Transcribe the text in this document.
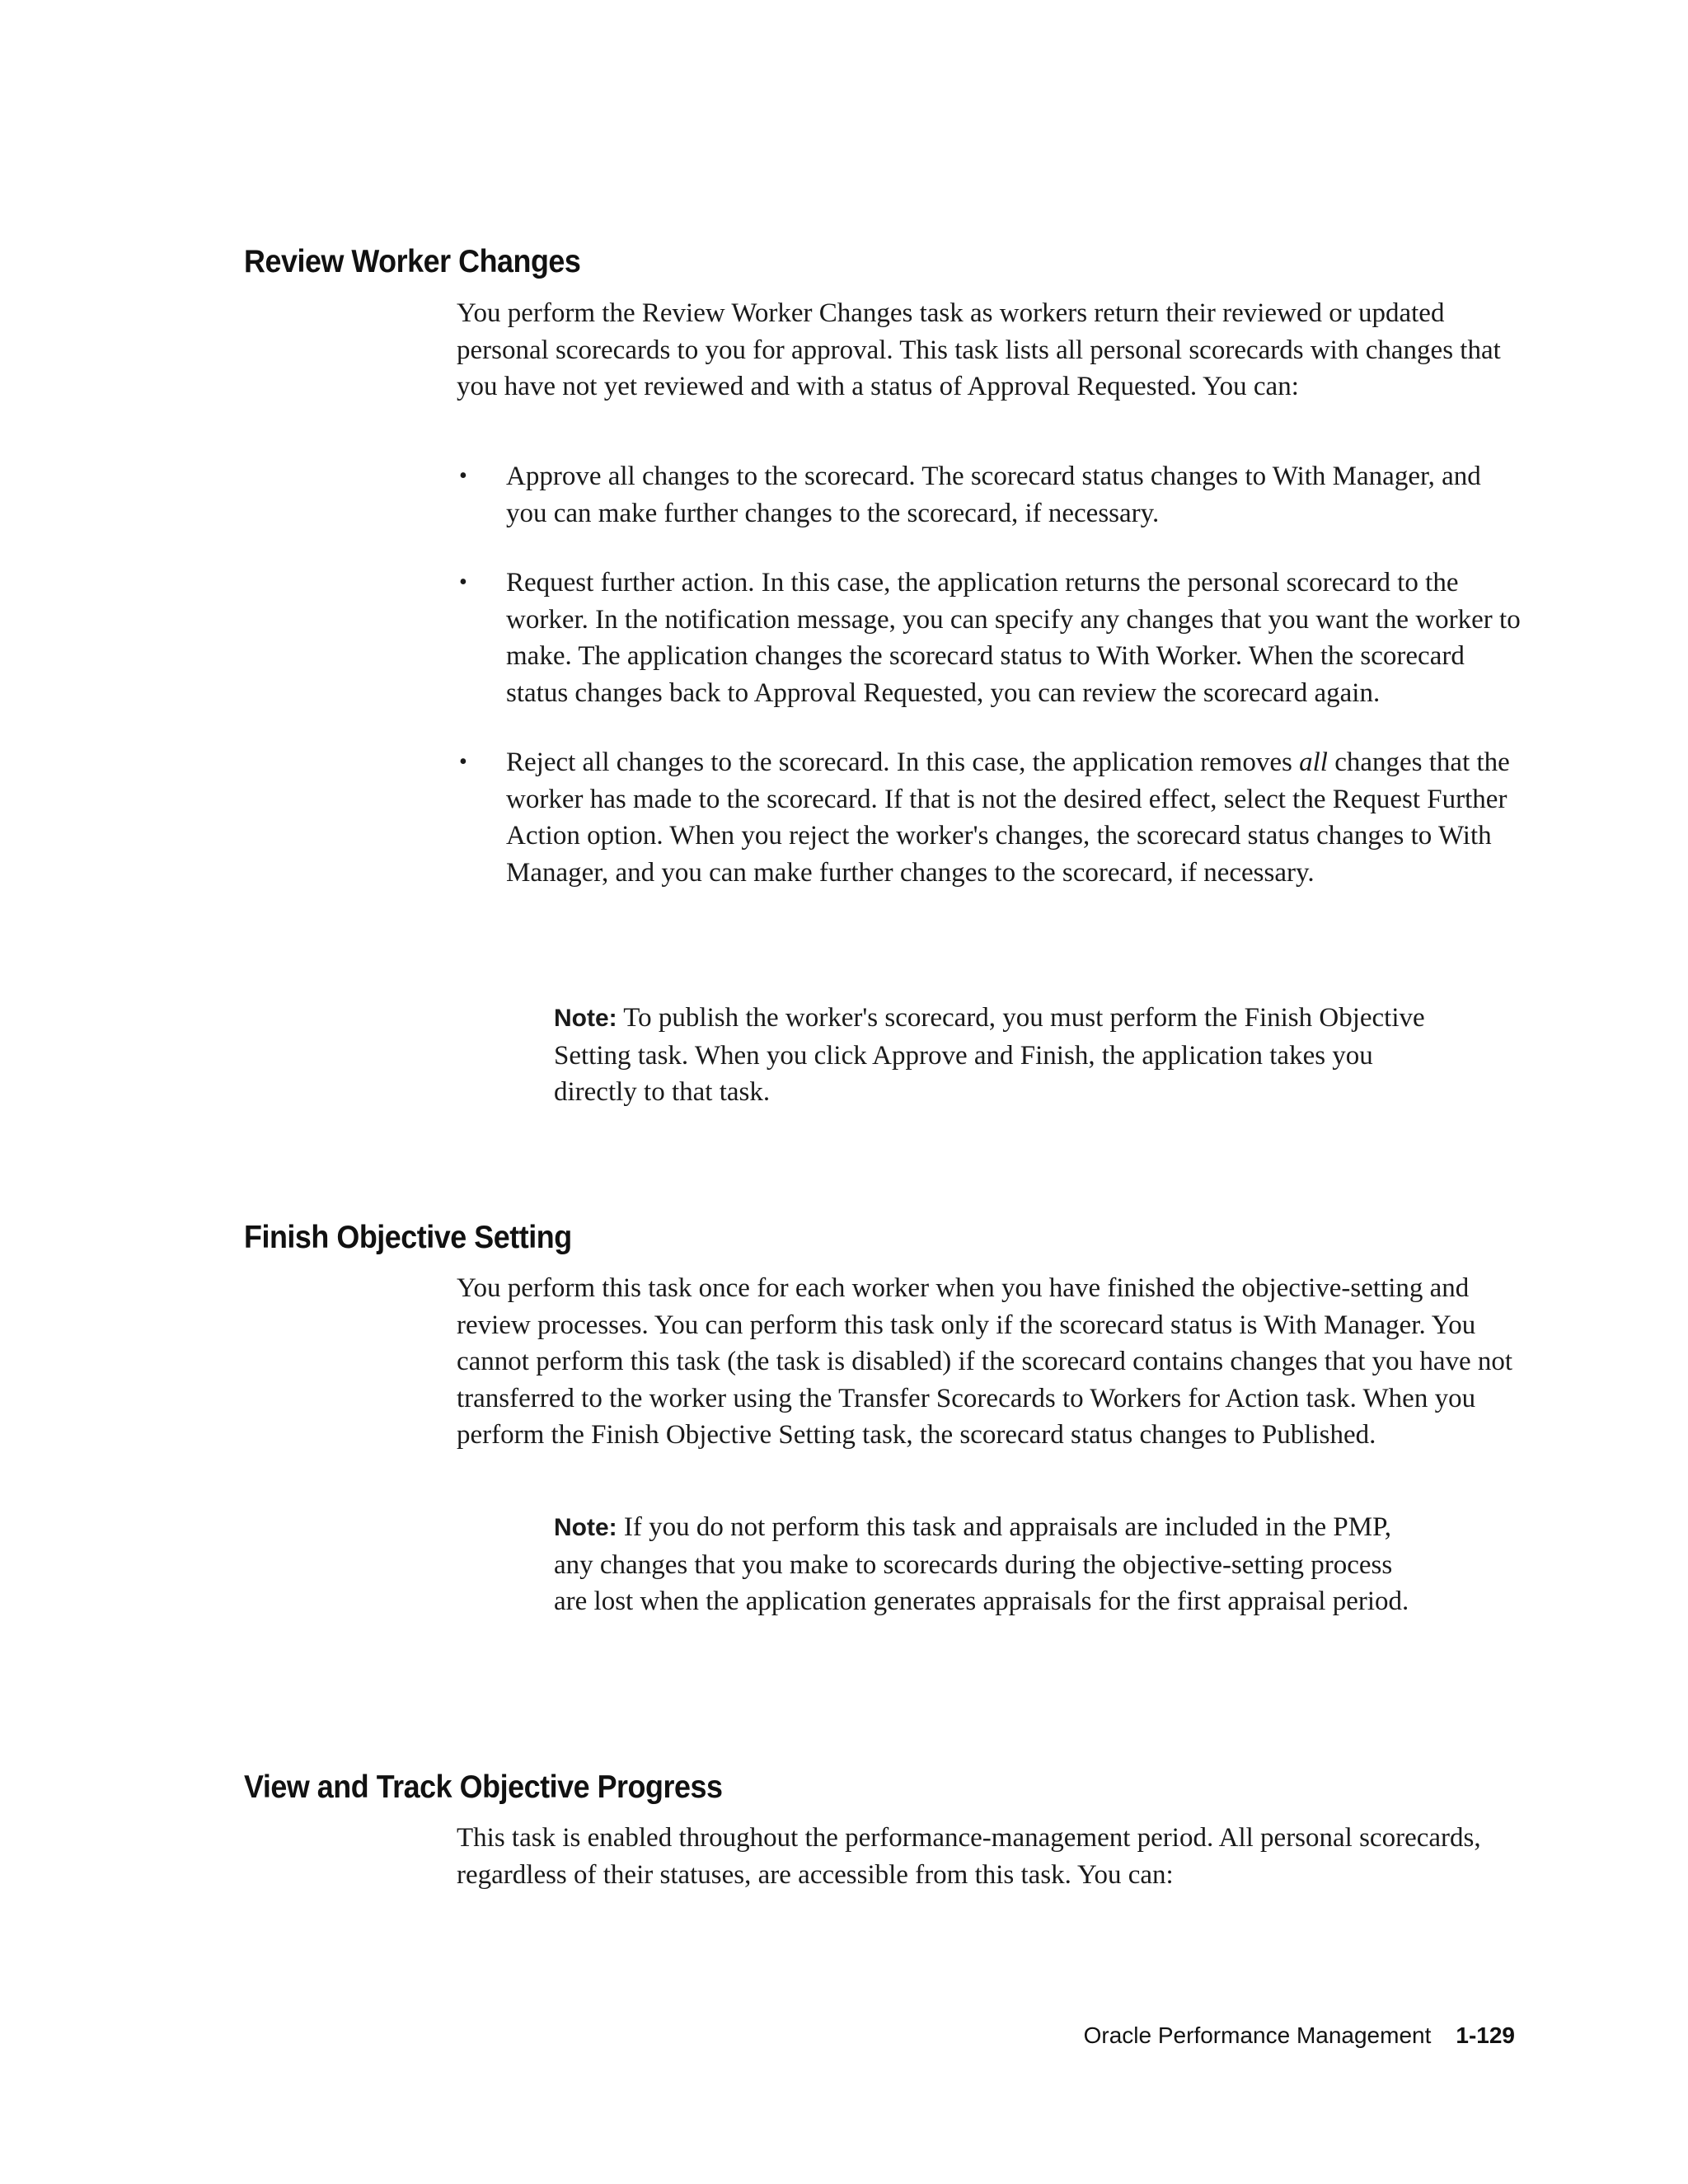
Review Worker Changes

You perform the Review Worker Changes task as workers return their reviewed or updated personal scorecards to you for approval. This task lists all personal scorecards with changes that you have not yet reviewed and with a status of Approval Requested. You can:

• Approve all changes to the scorecard. The scorecard status changes to With Manager, and you can make further changes to the scorecard, if necessary.
• Request further action. In this case, the application returns the personal scorecard to the worker. In the notification message, you can specify any changes that you want the worker to make. The application changes the scorecard status to With Worker. When the scorecard status changes back to Approval Requested, you can review the scorecard again.
• Reject all changes to the scorecard. In this case, the application removes all changes that the worker has made to the scorecard. If that is not the desired effect, select the Request Further Action option. When you reject the worker's changes, the scorecard status changes to With Manager, and you can make further changes to the scorecard, if necessary.

Note: To publish the worker's scorecard, you must perform the Finish Objective Setting task. When you click Approve and Finish, the application takes you directly to that task.

Finish Objective Setting

You perform this task once for each worker when you have finished the objective-setting and review processes. You can perform this task only if the scorecard status is With Manager. You cannot perform this task (the task is disabled) if the scorecard contains changes that you have not transferred to the worker using the Transfer Scorecards to Workers for Action task. When you perform the Finish Objective Setting task, the scorecard status changes to Published.

Note: If you do not perform this task and appraisals are included in the PMP, any changes that you make to scorecards during the objective-setting process are lost when the application generates appraisals for the first appraisal period.

View and Track Objective Progress

This task is enabled throughout the performance-management period. All personal scorecards, regardless of their statuses, are accessible from this task. You can:

Oracle Performance Management 1-129
